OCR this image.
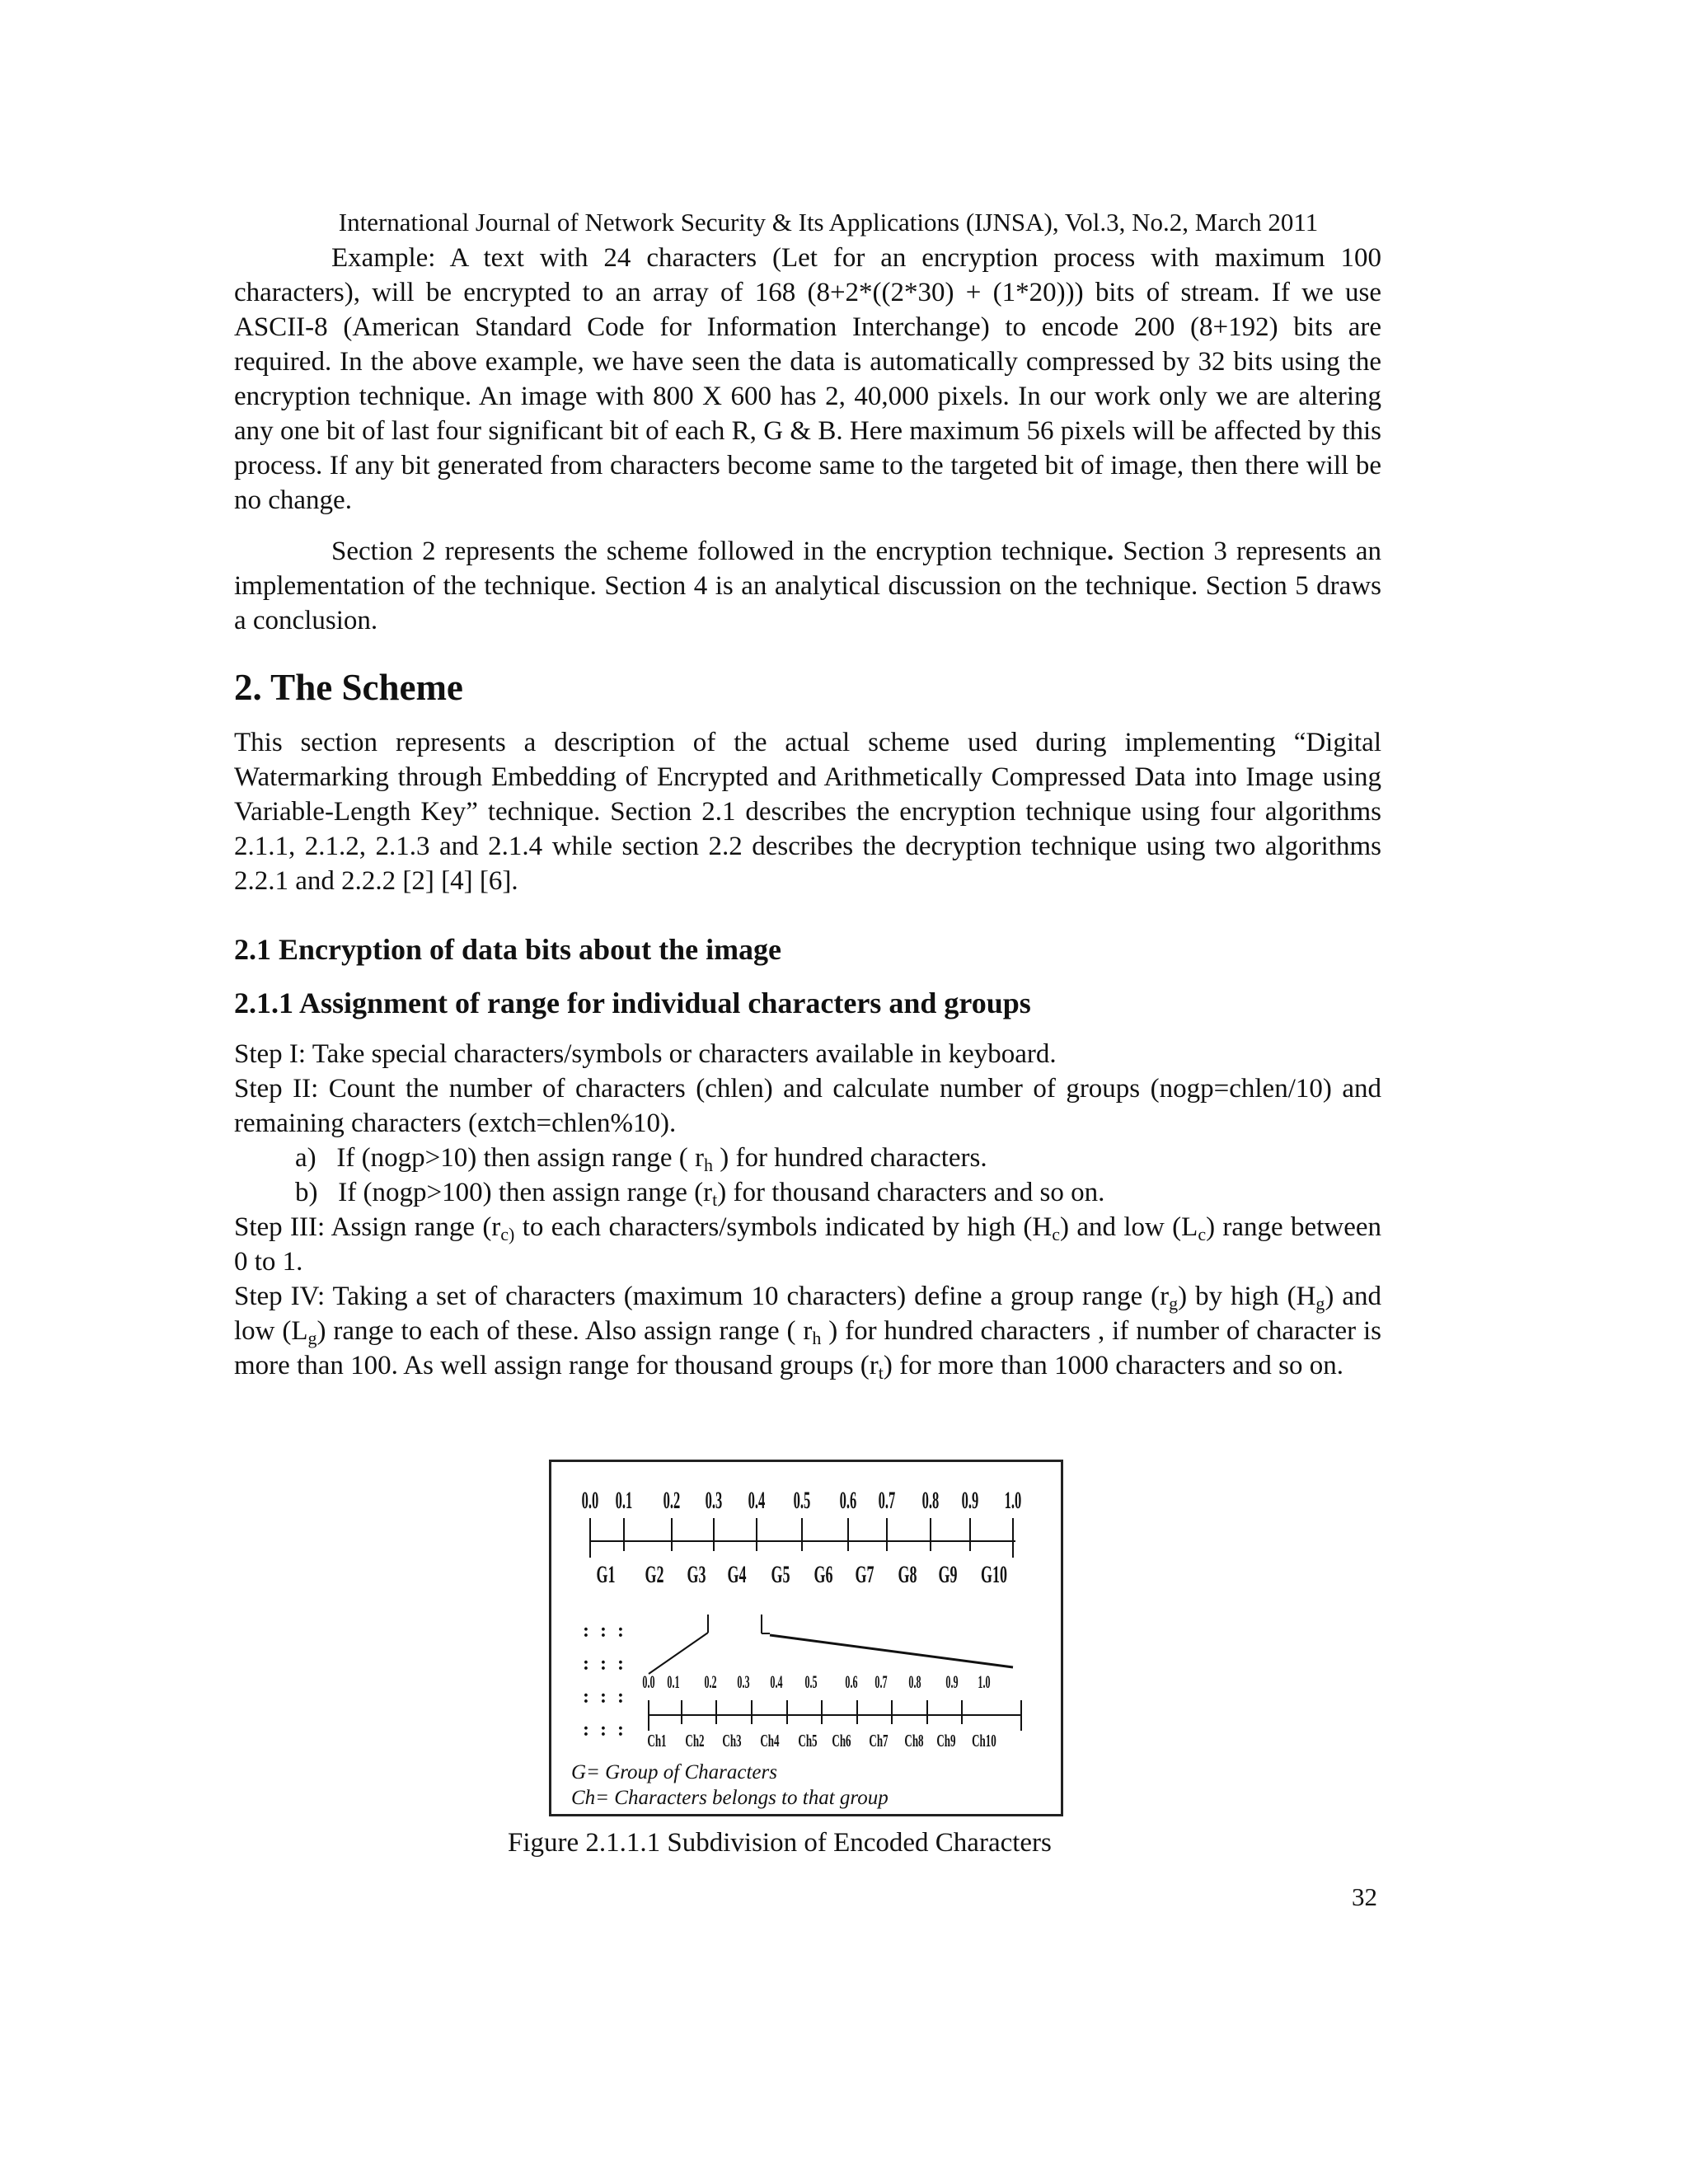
International Journal of Network Security & Its Applications (IJNSA), Vol.3, No.2, March 2011

Example: A text with 24 characters (Let for an encryption process with maximum 100 characters), will be encrypted to an array of 168 (8+2*((2*30) + (1*20))) bits of stream. If we use ASCII-8 (American Standard Code for Information Interchange) to encode 200 (8+192) bits are required. In the above example, we have seen the data is automatically compressed by 32 bits using the encryption technique. An image with 800 X 600 has 2, 40,000 pixels. In our work only we are altering any one bit of last four significant bit of each R, G & B. Here maximum 56 pixels will be affected by this process. If any bit generated from characters become same to the targeted bit of image, then there will be no change.

Section 2 represents the scheme followed in the encryption technique. Section 3 represents an implementation of the technique. Section 4 is an analytical discussion on the technique. Section 5 draws a conclusion.

2. The Scheme

This section represents a description of the actual scheme used during implementing “Digital Watermarking through Embedding of Encrypted and Arithmetically Compressed Data into Image using Variable-Length Key” technique. Section 2.1 describes the encryption technique using four algorithms 2.1.1, 2.1.2, 2.1.3 and 2.1.4 while section 2.2 describes the decryption technique using two algorithms 2.2.1 and 2.2.2 [2] [4] [6].

2.1 Encryption of data bits about the image
2.1.1 Assignment of range for individual characters and groups
Step I: Take special characters/symbols or characters available in keyboard.
Step II: Count the number of characters (chlen) and calculate number of groups (nogp=chlen/10) and remaining characters (extch=chlen%10).
a) If (nogp>10) then assign range ( $r_h$ ) for hundred characters.
b) If (nogp>100) then assign range $(r_t)$ for thousand characters and so on.
Step III: Assign range ($r_{c)}$ to each characters/symbols indicated by high $(H_c)$ and low $(L_c)$ range between 0 to 1.
Step IV: Taking a set of characters (maximum 10 characters) define a group range $(r_g)$ by high $(H_g)$ and low $(L_g)$ range to each of these. Also assign range ( $r_h$ ) for hundred characters , if number of character is more than 100. As well assign range for thousand groups $(r_t)$ for more than 1000 characters and so on.
0.0 0.1 0.2 0.3 0.4 0.5 0.6 0.7 0.8 0.9 1.0
G1 G2 G3 G4 G5 G6 G7 G8 G9 G10
: : :
: : :
: : :
: : :
0.0 0.1 0.2 0.3 0.4 0.5 0.6 0.7 0.8 0.9 1.0
Ch1 Ch2 Ch3 Ch4 Ch5 Ch6 Ch7 Ch8 Ch9 Ch10
G= Group of Characters
Ch= Characters belongs to that group
Figure 2.1.1.1 Subdivision of Encoded Characters
32
